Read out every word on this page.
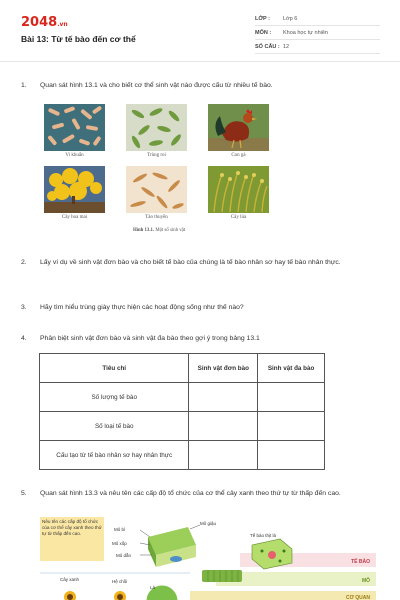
2048.vn
Bài 13: Từ tế bào đến cơ thể
LỚP : Lớp 6
MÔN : Khoa học tự nhiên
SỐ CÂU : 12
1. Quan sát hình 13.1 và cho biết cơ thể sinh vật nào được cấu từ nhiều tế bào.
Vi khuẩn	Trùng roi	Con gà
Cây hoa mai	Tảo thuyền	Cây lúa
Hình 13.1. Một số sinh vật
2. Lấy ví dụ về sinh vật đơn bào và cho biết tế bào của chúng là tế bào nhân sơ hay tế bào nhân thực.
3. Hãy tìm hiểu trùng giày thực hiện các hoạt động sống như thế nào?
4. Phân biệt sinh vật đơn bào và sinh vật đa bào theo gợi ý trong bảng 13.1
Tiêu chí	Sinh vật đơn bào	Sinh vật đa bào
Số lượng tế bào		
Số loại tế bào		
Cấu tạo từ tế bào nhân sơ hay nhân thực		
5. Quan sát hình 13.3 và nêu tên các cấp độ tổ chức của cơ thể cây xanh theo thứ tự từ thấp đến cao.
Nêu tên các cấp độ tổ chức của cơ thể cây xanh theo thứ tự từ thấp đến cao.
Mô bì
Mô xốp
Mô dẫn
Mô giậu
Tế bào thịt lá
TẾ BÀO
MÔ
CƠ QUAN
Lá
Cây xanh	Hệ chồi
